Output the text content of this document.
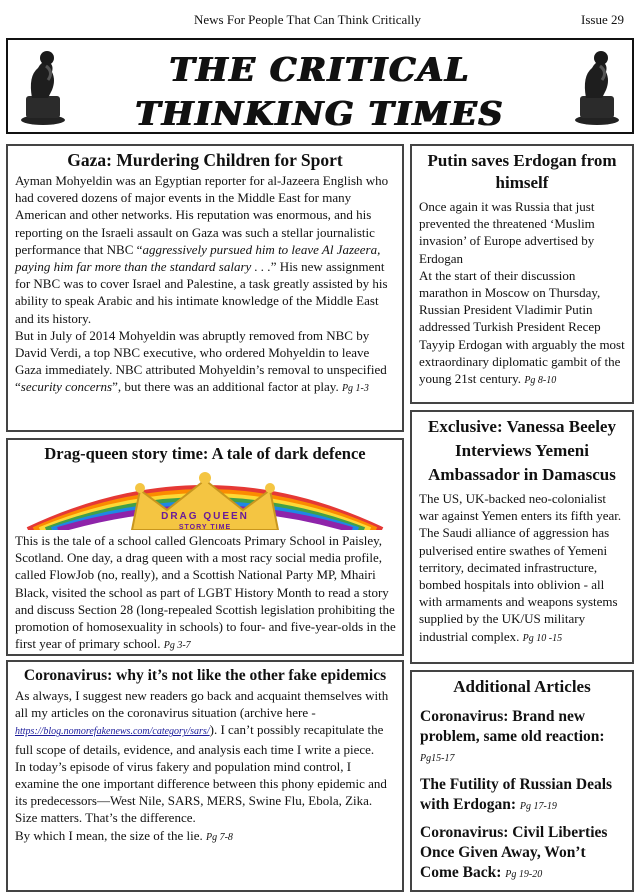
News For People That Can Think Critically	Issue 29
THE CRITICAL THINKING TIMES
Gaza: Murdering Children for Sport

Ayman Mohyeldin was an Egyptian reporter for al-Jazeera English who had covered dozens of major events in the Middle East for many American and other networks. His reputation was enormous, and his reporting on the Israeli assault on Gaza was such a stellar journalistic performance that NBC “aggressively pursued him to leave Al Jazeera, paying him far more than the standard salary . . .” His new assignment for NBC was to cover Israel and Palestine, a task greatly assisted by his ability to speak Arabic and his intimate knowledge of the Middle East and its history.

But in July of 2014 Mohyeldin was abruptly removed from NBC by David Verdi, a top NBC executive, who ordered Mohyeldin to leave Gaza immediately. NBC attributed Mohyeldin’s removal to unspecified “security concerns”, but there was an additional factor at play. Pg 1-3

Putin saves Erdogan from himself

Once again it was Russia that just prevented the threatened ‘Muslim invasion’ of Europe advertised by Erdogan

At the start of their discussion marathon in Moscow on Thursday, Russian President Vladimir Putin addressed Turkish President Recep Tayyip Erdogan with arguably the most extraordinary diplomatic gambit of the young 21st century. Pg 8-10

Drag-queen story time: A tale of dark defence
DRAG QUEEN
STORY TIME

This is the tale of a school called Glencoats Primary School in Paisley, Scotland. One day, a drag queen with a most racy social media profile, called FlowJob (no, really), and a Scottish National Party MP, Mhairi Black, visited the school as part of LGBT History Month to read a story and discuss Section 28 (long-repealed Scottish legislation prohibiting the promotion of homosexuality in schools) to four- and five-year-olds in the first year of primary school. Pg 3-7

Exclusive: Vanessa Beeley Interviews Yemeni Ambassador in Damascus

The US, UK-backed neo-colonialist war against Yemen enters its fifth year. The Saudi alliance of aggression has pulverised entire swathes of Yemeni territory, decimated infrastructure, bombed hospitals into oblivion - all with armaments and weapons systems supplied by the UK/US military industrial complex. Pg 10 -15

Coronavirus: why it’s not like the other fake epidemics

As always, I suggest new readers go back and acquaint themselves with all my articles on the coronavirus situation (archive here - https://blog.nomorefakenews.com/category/sars/). I can’t possibly recapitulate the full scope of details, evidence, and analysis each time I write a piece.

In today’s episode of virus fakery and population mind control, I examine the one important difference between this phony epidemic and its predecessors—West Nile, SARS, MERS, Swine Flu, Ebola, Zika.

Size matters. That’s the difference.

By which I mean, the size of the lie. Pg 7-8

Additional Articles
Coronavirus: Brand new problem, same old reaction: Pg15-17
The Futility of Russian Deals with Erdogan: Pg 17-19
Coronavirus: Civil Liberties Once Given Away, Won’t Come Back: Pg 19-20
